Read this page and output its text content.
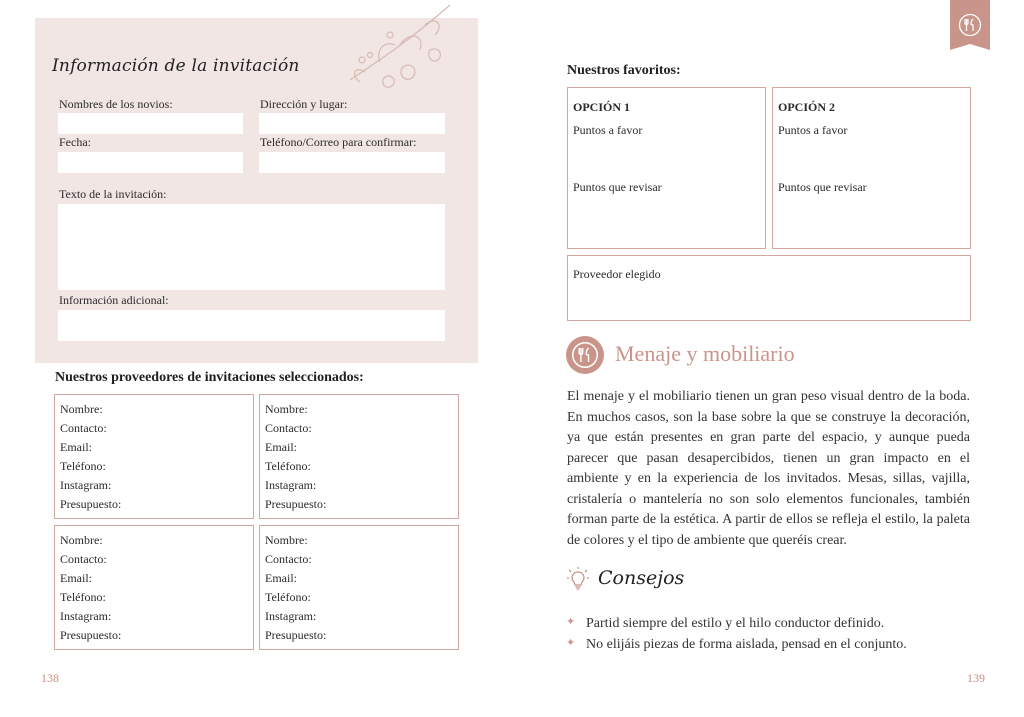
Información de la invitación
Nombres de los novios:	Dirección y lugar:
Fecha:	Teléfono/Correo para confirmar:
Texto de la invitación:
Información adicional:
Nuestros proveedores de invitaciones seleccionados:
Nombre:
Contacto:
Email:
Teléfono:
Instagram:
Presupuesto:
Nombre:
Contacto:
Email:
Teléfono:
Instagram:
Presupuesto:
Nombre:
Contacto:
Email:
Teléfono:
Instagram:
Presupuesto:
Nombre:
Contacto:
Email:
Teléfono:
Instagram:
Presupuesto:
138
Nuestros favoritos:
OPCIÓN 1
Puntos a favor
Puntos que revisar
OPCIÓN 2
Puntos a favor
Puntos que revisar
Proveedor elegido
Menaje y mobiliario
El menaje y el mobiliario tienen un gran peso visual dentro de la boda. En muchos casos, son la base sobre la que se construye la decoración, ya que están presentes en gran parte del espacio, y aunque pueda parecer que pasan desapercibidos, tienen un gran impacto en el ambiente y en la experiencia de los invitados. Mesas, sillas, vajilla, cristalería o mantelería no son solo elementos funcionales, también forman parte de la estética. A partir de ellos se refleja el estilo, la paleta de colores y el tipo de ambiente que queréis crear.
Consejos
✦ Partid siempre del estilo y el hilo conductor definido.
✦ No elijáis piezas de forma aislada, pensad en el conjunto.
139
